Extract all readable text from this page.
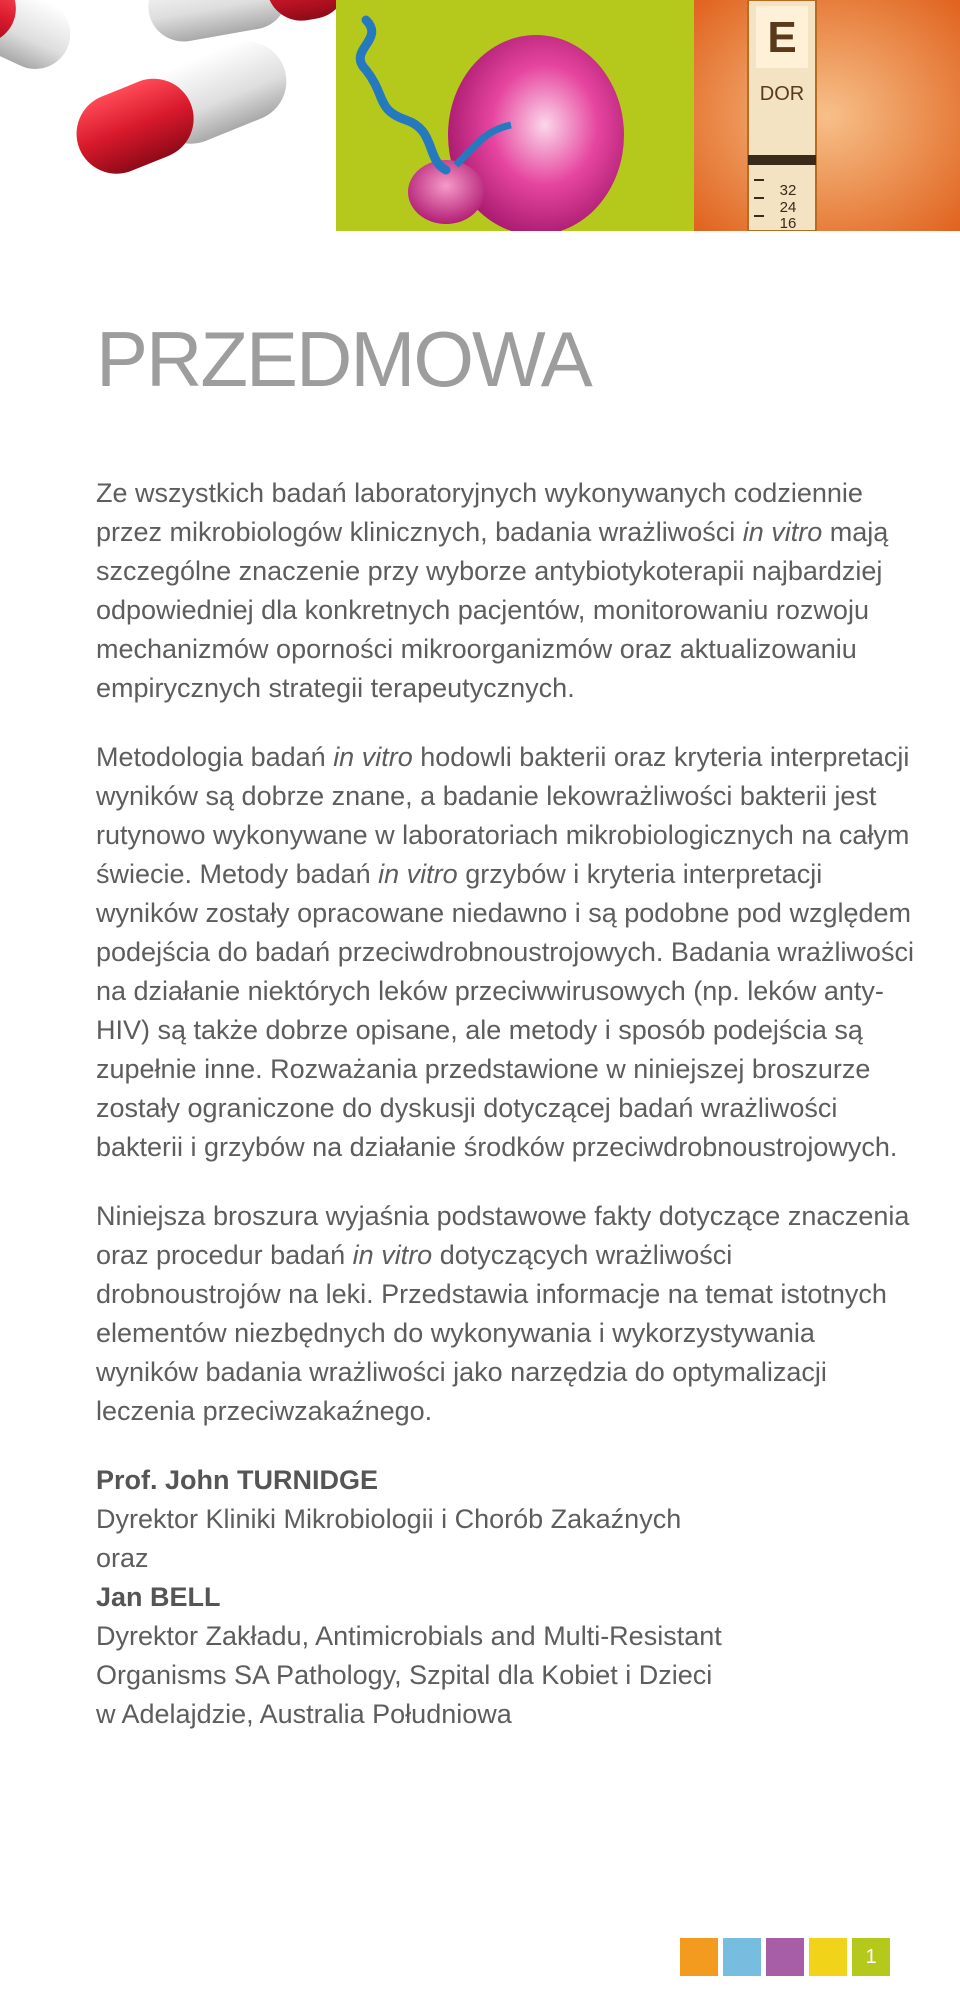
E
DOR
32
24
16
PRZEDMOWA

Ze wszystkich badań laboratoryjnych wykonywanych codziennie przez mikrobiologów klinicznych, badania wrażliwości in vitro mają szczególne znaczenie przy wyborze antybiotykoterapii najbardziej odpowiedniej dla konkretnych pacjentów, monitorowaniu rozwoju mechanizmów oporności mikroorganizmów oraz aktualizowaniu empirycznych strategii terapeutycznych.

Metodologia badań in vitro hodowli bakterii oraz kryteria interpretacji wyników są dobrze znane, a badanie lekowrażliwości bakterii jest rutynowo wykonywane w laboratoriach mikrobiologicznych na całym świecie. Metody badań in vitro grzybów i kryteria interpretacji wyników zostały opracowane niedawno i są podobne pod względem podejścia do badań przeciwdrobnoustrojowych. Badania wrażliwości na działanie niektórych leków przeciwwirusowych (np. leków anty-HIV) są także dobrze opisane, ale metody i sposób podejścia są zupełnie inne. Rozważania przedstawione w niniejszej broszurze zostały ograniczone do dyskusji dotyczącej badań wrażliwości bakterii i grzybów na działanie środków przeciwdrobnoustrojowych.

Niniejsza broszura wyjaśnia podstawowe fakty dotyczące znaczenia oraz procedur badań in vitro dotyczących wrażliwości drobnoustrojów na leki. Przedstawia informacje na temat istotnych elementów niezbędnych do wykonywania i wykorzystywania wyników badania wrażliwości jako narzędzia do optymalizacji leczenia przeciwzakaźnego.

Prof. John TURNIDGE

Dyrektor Kliniki Mikrobiologii i Chorób Zakaźnych

oraz

Jan BELL

Dyrektor Zakładu, Antimicrobials and Multi-Resistant

Organisms SA Pathology, Szpital dla Kobiet i Dzieci

w Adelajdzie, Australia Południowa

1
